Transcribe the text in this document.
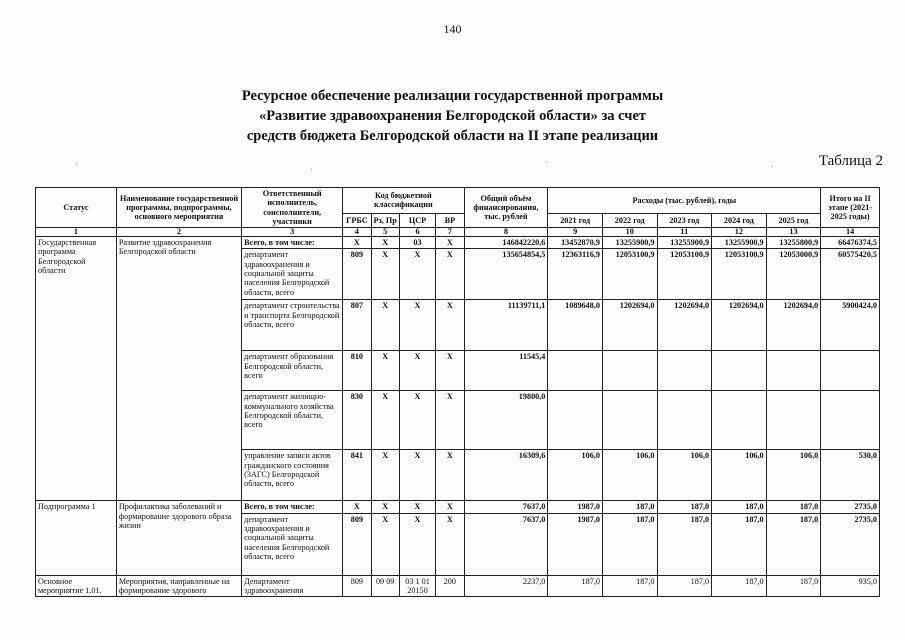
140
Ресурсное обеспечение реализации государственной программы
«Развитие здравоохранения Белгородской области» за счет
средств бюджета Белгородской области на II этапе реализации
Таблица 2
·	·
·	·
Статус	Наименование государственной программы, подпрограммы, основного мероприятия	Ответственный исполнитель, соисполнители, участники	Код бюджетной классификации				Общий объём финансирования, тыс. рублей	Расходы (тыс. рублей), годы					Итого на II этапе (2021-2025 годы)
			ГРБС	Рз, Пр	ЦСР	ВР		2021 год	2022 год	2023 год	2024 год	2025 год	
1	2	3	4	5	6	7	8	9	10	11	12	13	14
Государственная программа Белгородской области	Развитие здравоохранения Белгородской области	Всего, в том числе:	Х	Х	03	Х	146842220,6	13452870,9	13255900,9	13255900,9	13255900,9	13255800,9	66476374,5
		департамент здравоохранения и социальной защиты населения Белгородской области, всего	809	Х	Х	Х	135654854,5	12363116,9	12053100,9	12053100,9	12053100,9	12053000,9	60575420,5
		департамент строительства и транспорта Белгородской области, всего	807	Х	Х	Х	11139711,1	1089648,0	1202694,0	1202694,0	1202694,0	1202694,0	5900424,0
		департамент образования Белгородской области, всего	810	Х	Х	Х	11545,4						
		департамент жилищно-коммунального хозяйства Белгородской области, всего	830	Х	Х	Х	19800,0						
		управление записи актов гражданского состояния (ЗАГС) Белгородской области, всего	841	Х	Х	Х	16309,6	106,0	106,0	106,0	106,0	106,0	530,0
Подпрограмма 1	Профилактика заболеваний и формирование здорового образа жизни	Всего, в том числе:	Х	Х	Х	Х	7637,0	1987,0	187,0	187,0	187,0	187,0	2735,0
		департамент здравоохранения и социальной защиты населения Белгородской области, всего	809	Х	Х	Х	7637,0	1987,0	187,0	187,0	187,0	187,0	2735,0
Основное мероприятие 1.01.	Мероприятия, направленные на формирование здорового	Департамент здравоохранения	809	09 09	03 1 01 20150	200	2237,0	187,0	187,0	187,0	187,0	187,0	935,0
